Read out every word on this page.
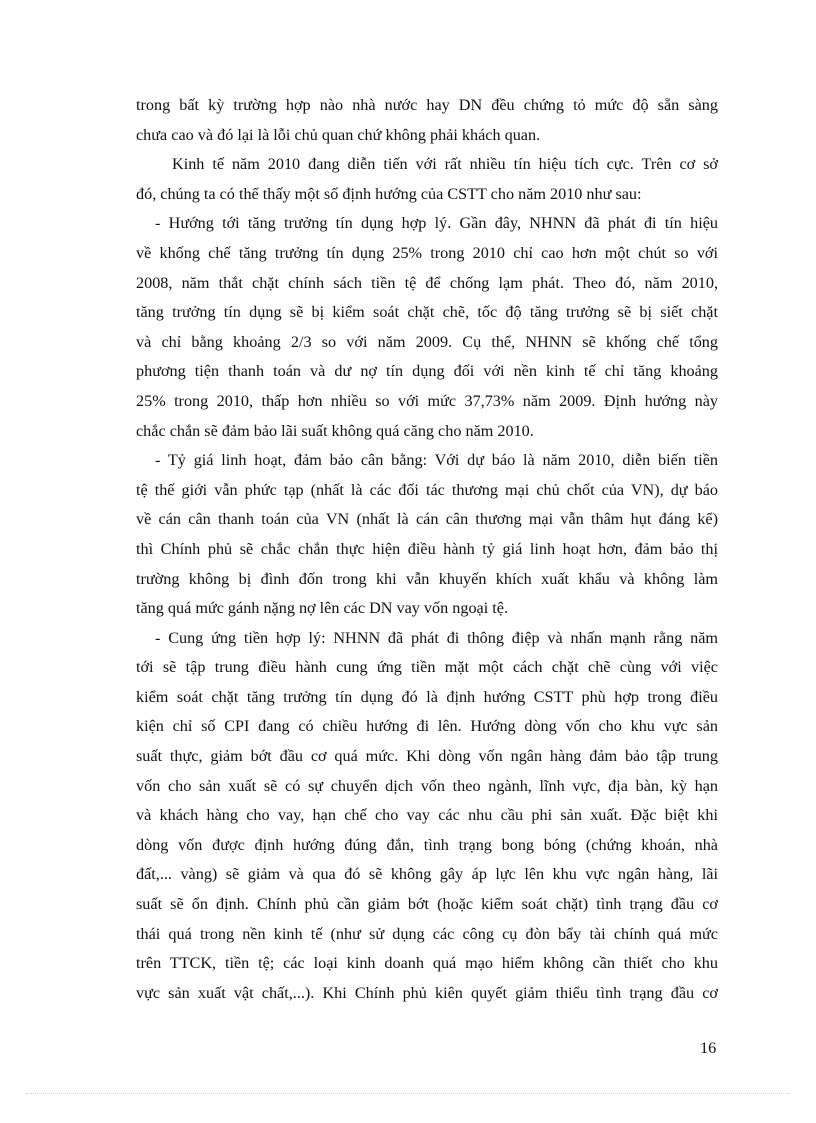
trong bất kỳ trường hợp nào nhà nước hay DN đều chứng tỏ mức độ sẵn sàng
chưa cao và đó lại là lỗi chủ quan chứ không phải khách quan.

Kinh tế năm 2010 đang diễn tiến với rất nhiều tín hiệu tích cực. Trên cơ sở
đó, chúng ta có thể thấy một số định hướng của CSTT cho năm 2010 như sau:

- Hướng tới tăng trưởng tín dụng hợp lý. Gần đây, NHNN đã phát đi tín hiệu
về khống chế tăng trưởng tín dụng 25% trong 2010 chỉ cao hơn một chút so với
2008, năm thắt chặt chính sách tiền tệ để chống lạm phát. Theo đó, năm 2010,
tăng trưởng tín dụng sẽ bị kiểm soát chặt chẽ, tốc độ tăng trưởng sẽ bị siết chặt
và chỉ bằng khoảng 2/3 so với năm 2009. Cụ thể, NHNN sẽ khống chế tổng
phương tiện thanh toán và dư nợ tín dụng đối với nền kinh tế chỉ tăng khoảng
25% trong 2010, thấp hơn nhiều so với mức 37,73% năm 2009. Định hướng này
chắc chắn sẽ đảm bảo lãi suất không quá căng cho năm 2010.

- Tỷ giá linh hoạt, đảm bảo cân bằng: Với dự báo là năm 2010, diễn biến tiền
tệ thế giới vẫn phức tạp (nhất là các đối tác thương mại chủ chốt của VN), dự báo
về cán cân thanh toán của VN (nhất là cán cân thương mại vẫn thâm hụt đáng kể)
thì Chính phủ sẽ chắc chắn thực hiện điều hành tỷ giá linh hoạt hơn, đảm bảo thị
trường không bị đình đốn trong khi vẫn khuyến khích xuất khẩu và không làm
tăng quá mức gánh nặng nợ lên các DN vay vốn ngoại tệ.

- Cung ứng tiền hợp lý: NHNN đã phát đi thông điệp và nhấn mạnh rằng năm
tới sẽ tập trung điều hành cung ứng tiền mặt một cách chặt chẽ cùng với việc
kiểm soát chặt tăng trưởng tín dụng đó là định hướng CSTT phù hợp trong điều
kiện chỉ số CPI đang có chiều hướng đi lên. Hướng dòng vốn cho khu vực sản
suất thực, giảm bớt đầu cơ quá mức. Khi dòng vốn ngân hàng đảm bảo tập trung
vốn cho sản xuất sẽ có sự chuyển dịch vốn theo ngành, lĩnh vực, địa bàn, kỳ hạn
và khách hàng cho vay, hạn chế cho vay các nhu cầu phi sản xuất. Đặc biệt khi
dòng vốn được định hướng đúng đắn, tình trạng bong bóng (chứng khoán, nhà
đất,... vàng) sẽ giảm và qua đó sẽ không gây áp lực lên khu vực ngân hàng, lãi
suất sẽ ổn định. Chính phủ cần giảm bớt (hoặc kiểm soát chặt) tình trạng đầu cơ
thái quá trong nền kinh tế (như sử dụng các công cụ đòn bẩy tài chính quá mức
trên TTCK, tiền tệ; các loại kinh doanh quá mạo hiểm không cần thiết cho khu
vực sản xuất vật chất,...). Khi Chính phủ kiên quyết giảm thiểu tình trạng đầu cơ

16
